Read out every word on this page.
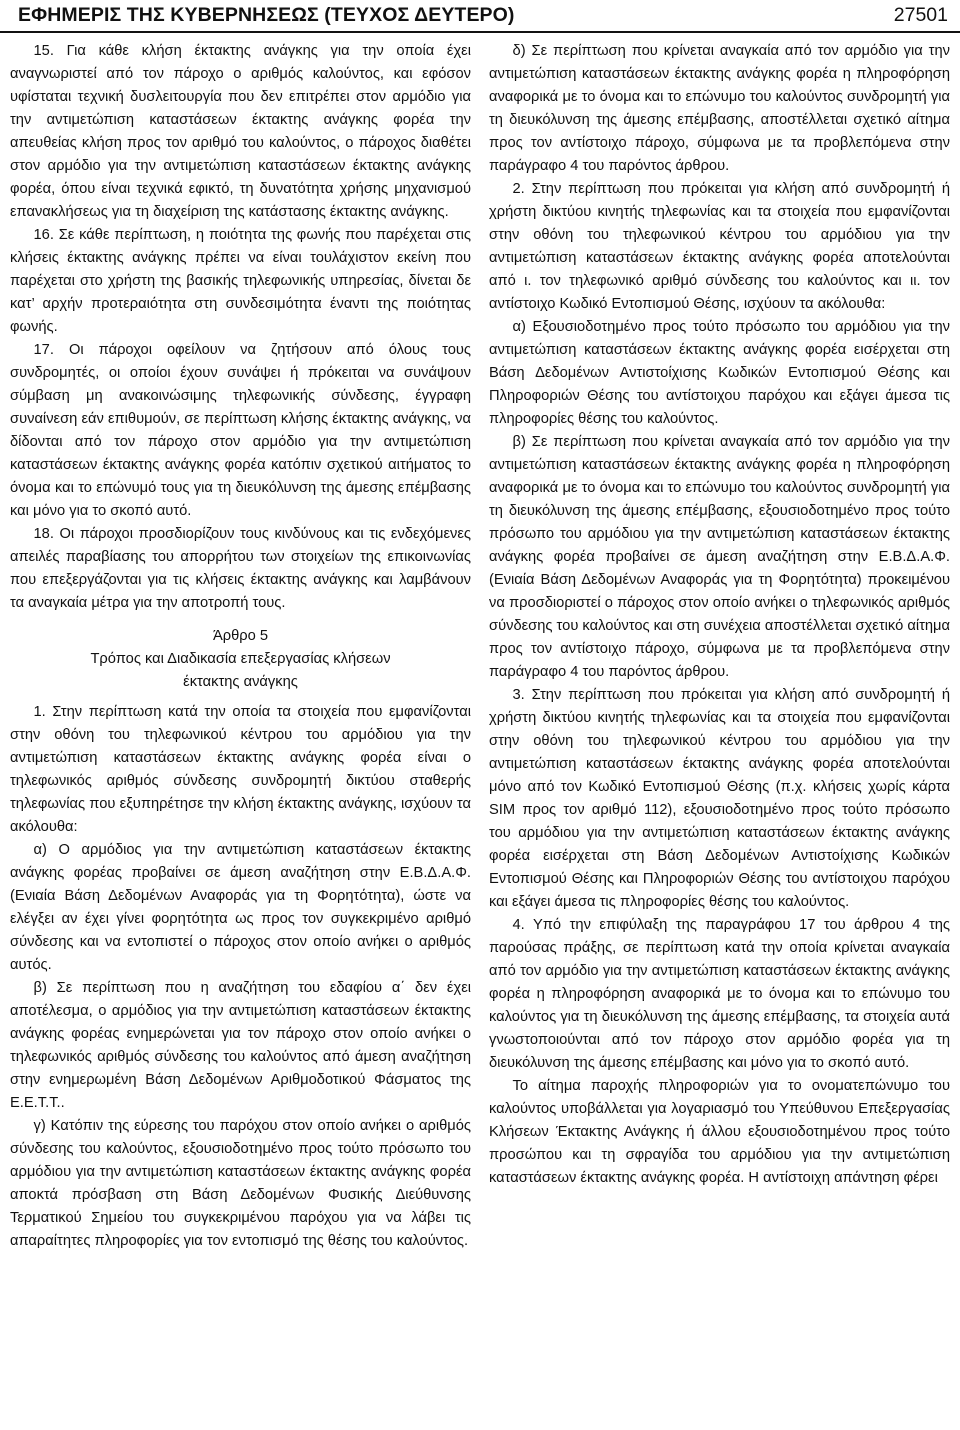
ΕΦΗΜΕΡΙΣ ΤΗΣ ΚΥΒΕΡΝΗΣΕΩΣ (ΤΕΥΧΟΣ ΔΕΥΤΕΡΟ)	27501

15. Για κάθε κλήση έκτακτης ανάγκης για την οποία έχει αναγνωριστεί από τον πάροχο ο αριθμός καλούντος, και εφόσον υφίσταται τεχνική δυσλειτουργία που δεν επιτρέπει στον αρμόδιο για την αντιμετώπιση καταστάσεων έκτακτης ανάγκης φορέα την απευθείας κλήση προς τον αριθμό του καλούντος, ο πάροχος διαθέτει στον αρμόδιο για την αντιμετώπιση καταστάσεων έκτακτης ανάγκης φορέα, όπου είναι τεχνικά εφικτό, τη δυνατότητα χρήσης μηχανισμού επανακλήσεως για τη διαχείριση της κατάστασης έκτακτης ανάγκης.

16. Σε κάθε περίπτωση, η ποιότητα της φωνής που παρέχεται στις κλήσεις έκτακτης ανάγκης πρέπει να είναι τουλάχιστον εκείνη που παρέχεται στο χρήστη της βασικής τηλεφωνικής υπηρεσίας, δίνεται δε κατ’ αρχήν προτεραιότητα στη συνδεσιμότητα έναντι της ποιότητας φωνής.

17. Οι πάροχοι οφείλουν να ζητήσουν από όλους τους συνδρομητές, οι οποίοι έχουν συνάψει ή πρόκειται να συνάψουν σύμβαση μη ανακοινώσιμης τηλεφωνικής σύνδεσης, έγγραφη συναίνεση εάν επιθυμούν, σε περίπτωση κλήσης έκτακτης ανάγκης, να δίδονται από τον πάροχο στον αρμόδιο για την αντιμετώπιση καταστάσεων έκτακτης ανάγκης φορέα κατόπιν σχετικού αιτήματος το όνομα και το επώνυμό τους για τη διευκόλυνση της άμεσης επέμβασης και μόνο για το σκοπό αυτό.

18. Οι πάροχοι προσδιορίζουν τους κινδύνους και τις ενδεχόμενες απειλές παραβίασης του απορρήτου των στοιχείων της επικοινωνίας που επεξεργάζονται για τις κλήσεις έκτακτης ανάγκης και λαμβάνουν τα αναγκαία μέτρα για την αποτροπή τους.

Άρθρο 5
Τρόπος και Διαδικασία επεξεργασίας κλήσεων
έκτακτης ανάγκης

1. Στην περίπτωση κατά την οποία τα στοιχεία που εμφανίζονται στην οθόνη του τηλεφωνικού κέντρου του αρμόδιου για την αντιμετώπιση καταστάσεων έκτακτης ανάγκης φορέα είναι ο τηλεφωνικός αριθμός σύνδεσης συνδρομητή δικτύου σταθερής τηλεφωνίας που εξυπηρέτησε την κλήση έκτακτης ανάγκης, ισχύουν τα ακόλουθα:

α) Ο αρμόδιος για την αντιμετώπιση καταστάσεων έκτακτης ανάγκης φορέας προβαίνει σε άμεση αναζήτηση στην Ε.Β.Δ.Α.Φ. (Ενιαία Βάση Δεδομένων Αναφοράς για τη Φορητότητα), ώστε να ελέγξει αν έχει γίνει φορητότητα ως προς τον συγκεκριμένο αριθμό σύνδεσης και να εντοπιστεί ο πάροχος στον οποίο ανήκει ο αριθμός αυτός.

β) Σε περίπτωση που η αναζήτηση του εδαφίου α΄ δεν έχει αποτέλεσμα, ο αρμόδιος για την αντιμετώπιση καταστάσεων έκτακτης ανάγκης φορέας ενημερώνεται για τον πάροχο στον οποίο ανήκει ο τηλεφωνικός αριθμός σύνδεσης του καλούντος από άμεση αναζήτηση στην ενημερωμένη Βάση Δεδομένων Αριθμοδοτικού Φάσματος της Ε.Ε.Τ.Τ..

γ) Κατόπιν της εύρεσης του παρόχου στον οποίο ανήκει ο αριθμός σύνδεσης του καλούντος, εξουσιοδοτημένο προς τούτο πρόσωπο του αρμόδιου για την αντιμετώπιση καταστάσεων έκτακτης ανάγκης φορέα αποκτά πρόσβαση στη Βάση Δεδομένων Φυσικής Διεύθυνσης Τερματικού Σημείου του συγκεκριμένου παρόχου για να λάβει τις απαραίτητες πληροφορίες για τον εντοπισμό της θέσης του καλούντος.

δ) Σε περίπτωση που κρίνεται αναγκαία από τον αρμόδιο για την αντιμετώπιση καταστάσεων έκτακτης ανάγκης φορέα η πληροφόρηση αναφορικά με το όνομα και το επώνυμο του καλούντος συνδρομητή για τη διευκόλυνση της άμεσης επέμβασης, αποστέλλεται σχετικό αίτημα προς τον αντίστοιχο πάροχο, σύμφωνα με τα προβλεπόμενα στην παράγραφο 4 του παρόντος άρθρου.

2. Στην περίπτωση που πρόκειται για κλήση από συνδρομητή ή χρήστη δικτύου κινητής τηλεφωνίας και τα στοιχεία που εμφανίζονται στην οθόνη του τηλεφωνικού κέντρου του αρμόδιου για την αντιμετώπιση καταστάσεων έκτακτης ανάγκης φορέα αποτελούνται από ι. τον τηλεφωνικό αριθμό σύνδεσης του καλούντος και ιι. τον αντίστοιχο Κωδικό Εντοπισμού Θέσης, ισχύουν τα ακόλουθα:

α) Εξουσιοδοτημένο προς τούτο πρόσωπο του αρμόδιου για την αντιμετώπιση καταστάσεων έκτακτης ανάγκης φορέα εισέρχεται στη Βάση Δεδομένων Αντιστοίχισης Κωδικών Εντοπισμού Θέσης και Πληροφοριών Θέσης του αντίστοιχου παρόχου και εξάγει άμεσα τις πληροφορίες θέσης του καλούντος.

β) Σε περίπτωση που κρίνεται αναγκαία από τον αρμόδιο για την αντιμετώπιση καταστάσεων έκτακτης ανάγκης φορέα η πληροφόρηση αναφορικά με το όνομα και το επώνυμο του καλούντος συνδρομητή για τη διευκόλυνση της άμεσης επέμβασης, εξουσιοδοτημένο προς τούτο πρόσωπο του αρμόδιου για την αντιμετώπιση καταστάσεων έκτακτης ανάγκης φορέα προβαίνει σε άμεση αναζήτηση στην Ε.Β.Δ.Α.Φ. (Ενιαία Βάση Δεδομένων Αναφοράς για τη Φορητότητα) προκειμένου να προσδιοριστεί ο πάροχος στον οποίο ανήκει ο τηλεφωνικός αριθμός σύνδεσης του καλούντος και στη συνέχεια αποστέλλεται σχετικό αίτημα προς τον αντίστοιχο πάροχο, σύμφωνα με τα προβλεπόμενα στην παράγραφο 4 του παρόντος άρθρου.

3. Στην περίπτωση που πρόκειται για κλήση από συνδρομητή ή χρήστη δικτύου κινητής τηλεφωνίας και τα στοιχεία που εμφανίζονται στην οθόνη του τηλεφωνικού κέντρου του αρμόδιου για την αντιμετώπιση καταστάσεων έκτακτης ανάγκης φορέα αποτελούνται μόνο από τον Κωδικό Εντοπισμού Θέσης (π.χ. κλήσεις χωρίς κάρτα SIM προς τον αριθμό 112), εξουσιοδοτημένο προς τούτο πρόσωπο του αρμόδιου για την αντιμετώπιση καταστάσεων έκτακτης ανάγκης φορέα εισέρχεται στη Βάση Δεδομένων Αντιστοίχισης Κωδικών Εντοπισμού Θέσης και Πληροφοριών Θέσης του αντίστοιχου παρόχου και εξάγει άμεσα τις πληροφορίες θέσης του καλούντος.

4. Υπό την επιφύλαξη της παραγράφου 17 του άρθρου 4 της παρούσας πράξης, σε περίπτωση κατά την οποία κρίνεται αναγκαία από τον αρμόδιο για την αντιμετώπιση καταστάσεων έκτακτης ανάγκης φορέα η πληροφόρηση αναφορικά με το όνομα και το επώνυμο του καλούντος για τη διευκόλυνση της άμεσης επέμβασης, τα στοιχεία αυτά γνωστοποιούνται από τον πάροχο στον αρμόδιο φορέα για τη διευκόλυνση της άμεσης επέμβασης και μόνο για το σκοπό αυτό.

Το αίτημα παροχής πληροφοριών για το ονοματεπώνυμο του καλούντος υποβάλλεται για λογαριασμό του Υπεύθυνου Επεξεργασίας Κλήσεων Έκτακτης Ανάγκης ή άλλου εξουσιοδοτημένου προς τούτο προσώπου και τη σφραγίδα του αρμόδιου για την αντιμετώπιση καταστάσεων έκτακτης ανάγκης φορέα. Η αντίστοιχη απάντηση φέρει
